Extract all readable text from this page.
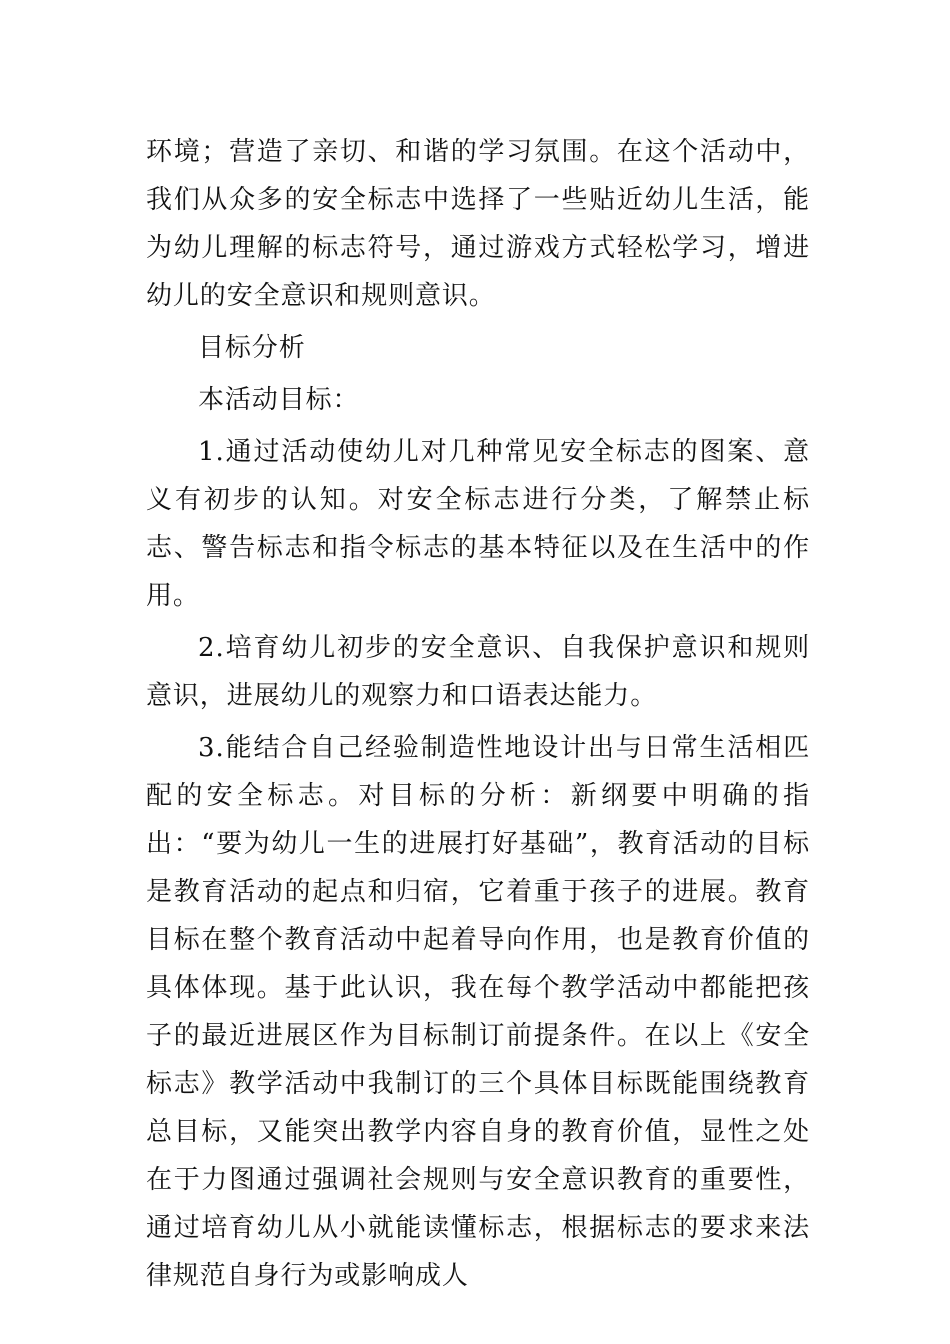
环境；营造了亲切、和谐的学习氛围。在这个活动中，我们从众多的安全标志中选择了一些贴近幼儿生活，能为幼儿理解的标志符号，通过游戏方式轻松学习，增进幼儿的安全意识和规则意识。

目标分析

本活动目标：

1.通过活动使幼儿对几种常见安全标志的图案、意义有初步的认知。对安全标志进行分类，了解禁止标志、警告标志和指令标志的基本特征以及在生活中的作用。

2.培育幼儿初步的安全意识、自我保护意识和规则意识，进展幼儿的观察力和口语表达能力。

3.能结合自己经验制造性地设计出与日常生活相匹配的安全标志。对目标的分析：新纲要中明确的指出：“要为幼儿一生的进展打好基础”，教育活动的目标是教育活动的起点和归宿，它着重于孩子的进展。教育目标在整个教育活动中起着导向作用，也是教育价值的具体体现。基于此认识，我在每个教学活动中都能把孩子的最近进展区作为目标制订前提条件。在以上《安全标志》教学活动中我制订的三个具体目标既能围绕教育总目标，又能突出教学内容自身的教育价值，显性之处在于力图通过强调社会规则与安全意识教育的重要性，通过培育幼儿从小就能读懂标志，根据标志的要求来法律规范自身行为或影响成人
